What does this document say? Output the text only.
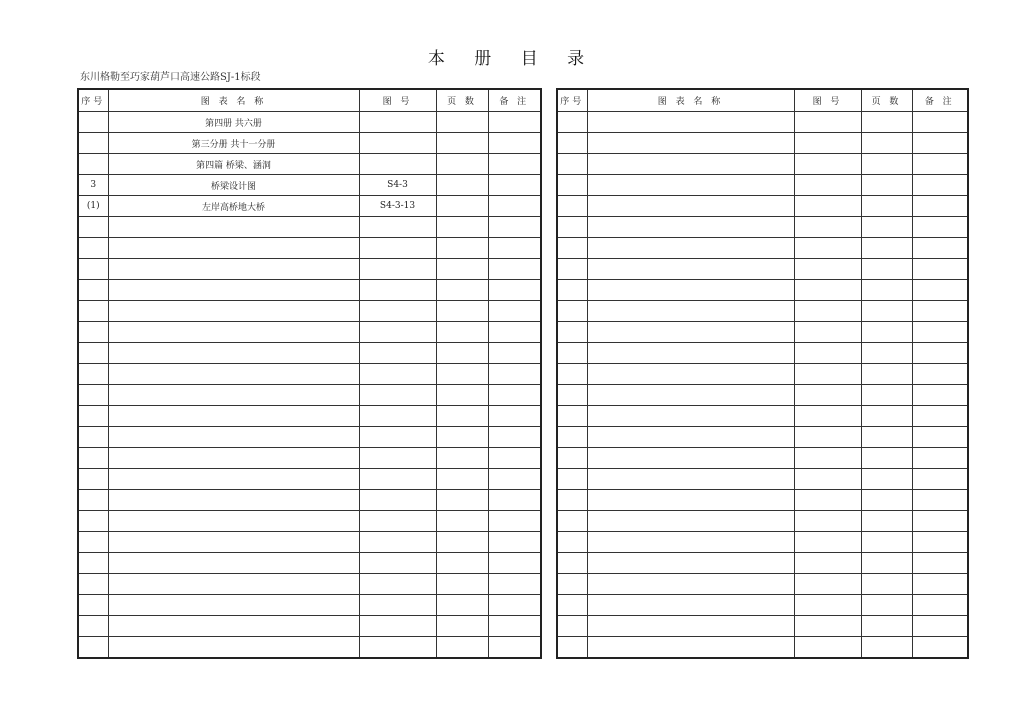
本 册 目 录
东川格勒至巧家葫芦口高速公路SJ-1标段
序号	图 表 名 称	图 号	页 数	备 注
	第四册 共六册			
	第三分册 共十一分册			
	第四篇 桥梁、涵洞			
3	桥梁设计图	S4-3		
(1)	左岸高桥地大桥	S4-3-13		

序号	图 表 名 称	图 号	页 数	备 注
